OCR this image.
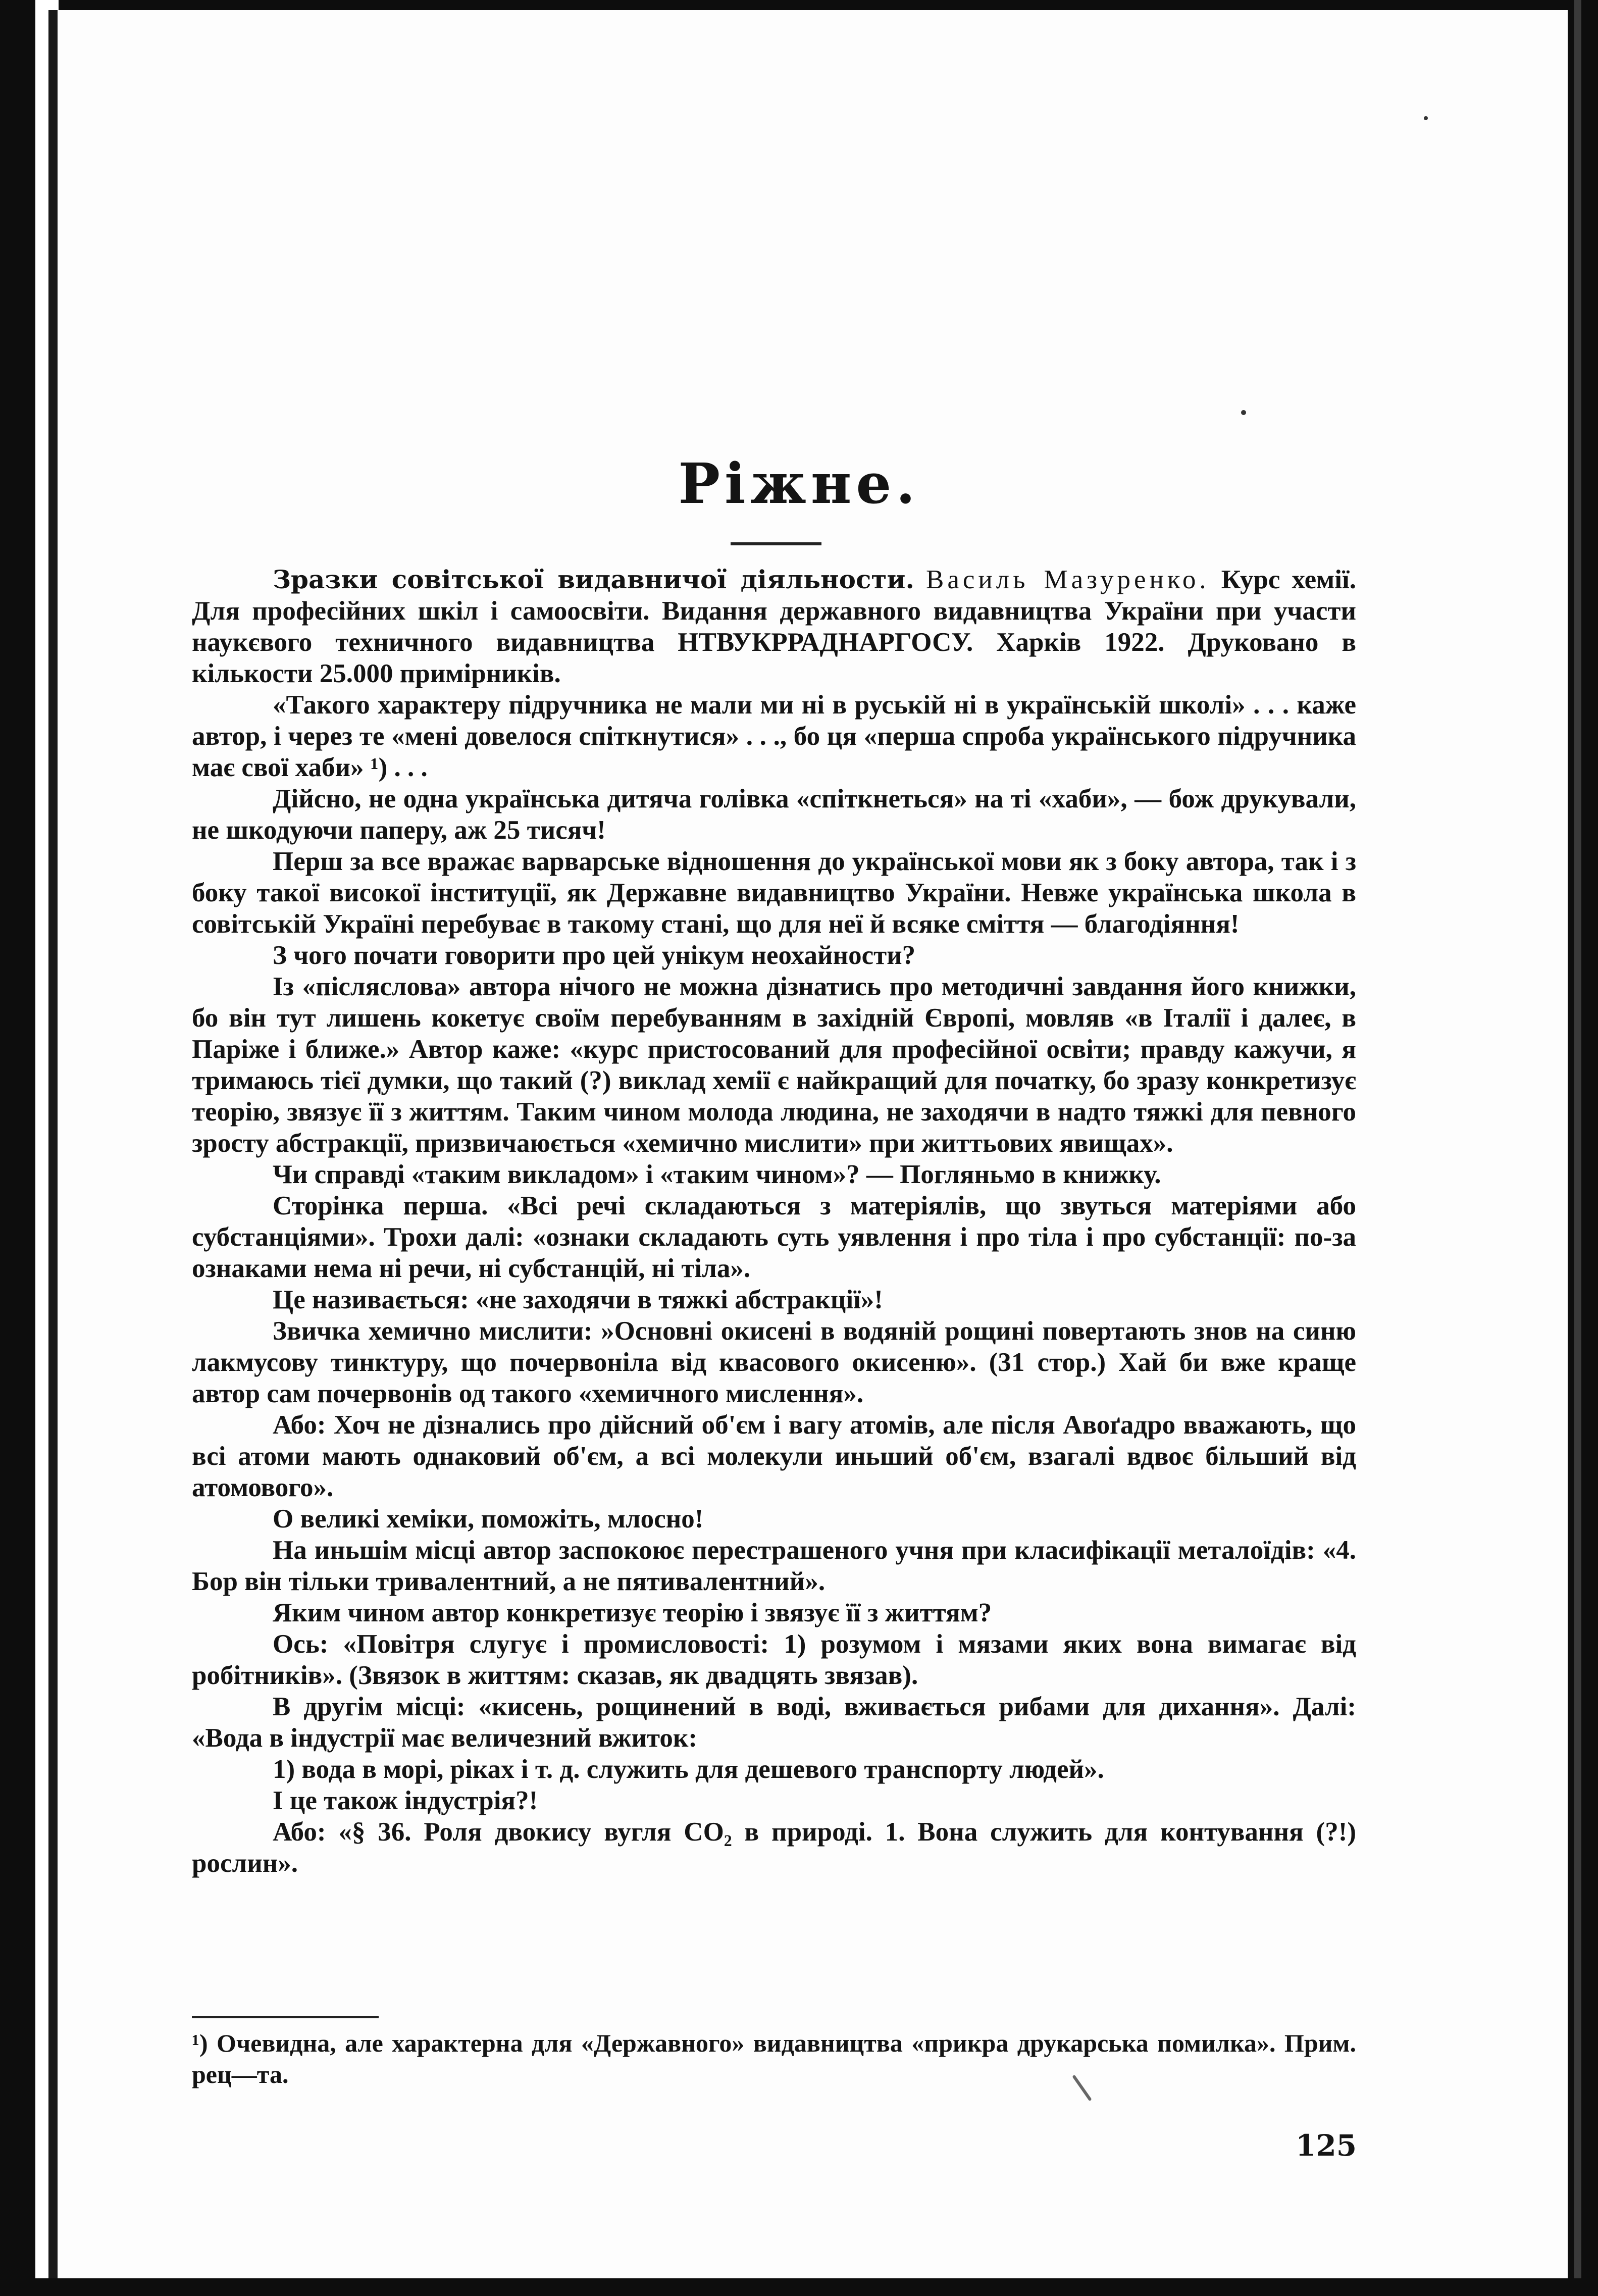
Ріжне.

Зразки совітської видавничої діяльности. Василь Мазуренко. Курс хемії. Для професійних шкіл і самоосвіти. Видання державного видавництва України при участи наукєвого техничного видавництва НТВУКРРАДНАРГОСУ. Харків 1922. Друковано в кількости 25.000 примірників.

«Такого характеру підручника не мали ми ні в руській ні в українській школі» . . . каже автор, і через те «мені довелося спіткнутися» . . ., бо ця «перша спроба українського підручника має свої хаби» ¹) . . .

Дійсно, не одна українська дитяча голівка «спіткнеться» на ті «хаби», — бож друкували, не шкодуючи паперу, аж 25 тисяч!

Перш за все вражає варварське відношення до української мови як з боку автора, так і з боку такої високої інституції, як Державне видавництво України. Невже українська школа в совітській Україні перебуває в такому стані, що для неї й всяке сміття — благодіяння!

З чого почати говорити про цей унікум неохайности?

Із «післяслова» автора нічого не можна дізнатись про методичні завдання його книжки, бо він тут лишень кокетує своїм перебуванням в західній Європі, мовляв «в Італії і далеє, в Паріже і ближе.» Автор каже: «курс пристосований для професійної освіти; правду кажучи, я тримаюсь тієї думки, що такий (?) виклад хемії є найкращий для початку, бо зразу конкретизує теорію, звязує її з життям. Таким чином молода людина, не заходячи в надто тяжкі для певного зросту абстракції, призвичаюється «хемично мислити» при життьових явищах».

Чи справді «таким викладом» і «таким чином»? — Погляньмо в книжку.

Сторінка перша. «Всі речі складаються з матеріялів, що звуться матеріями або субстанціями». Трохи далі: «ознаки складають суть уявлення і про тіла і про субстанції: по-за ознаками нема ні речи, ні субстанцій, ні тіла».

Це називається: «не заходячи в тяжкі абстракції»!

Звичка хемично мислити: »Основні окисені в водяній рощині повертають знов на синю лакмусову тинктуру, що почервоніла від квасового окисеню». (31 стор.) Хай би вже краще автор сам почервонів од такого «хемичного мислення».

Або: Хоч не дізнались про дійсний об'єм і вагу атомів, але після Авоґадро вважають, що всі атоми мають однаковий об'єм, а всі молекули иньший об'єм, взагалі вдвоє більший від атомового».

О великі хеміки, поможіть, млосно!

На иньшім місці автор заспокоює перестрашеного учня при класифікації металоїдів: «4. Бор він тільки тривалентний, а не пятивалентний».

Яким чином автор конкретизує теорію і звязує її з життям?

Ось: «Повітря слугує і промисловості: 1) розумом і мязами яких вона вимагає від робітників». (Звязок в життям: сказав, як двадцять звязав).

В другім місці: «кисень, рощинений в воді, вживається рибами для дихання». Далі: «Вода в індустрії має величезний вжиток:

1) вода в морі, ріках і т. д. служить для дешевого транспорту людей».

І це також індустрія?!

Або: «§ 36. Роля двокису вугля CO₂ в природі. 1. Вона служить для контування (?!) рослин».

¹) Очевидна, але характерна для «Державного» видавництва «прикра друкарська помилка». Прим. рец—та.

125
